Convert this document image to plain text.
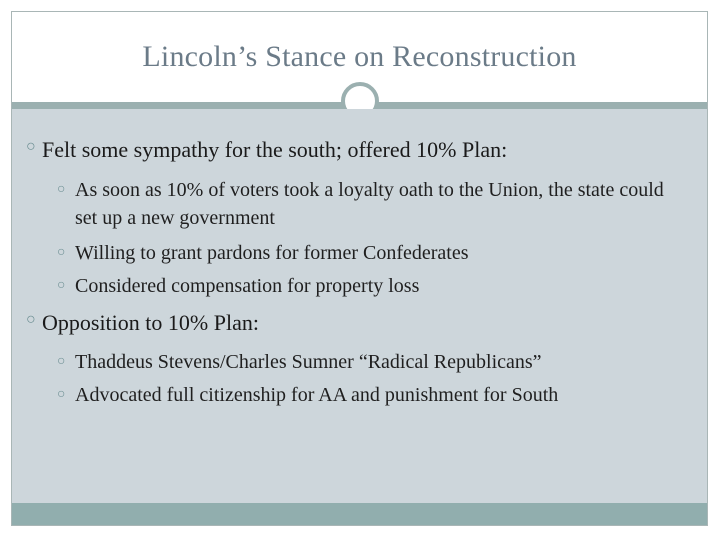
Lincoln’s Stance on Reconstruction
○ Felt some sympathy for the south; offered 10% Plan:
○ As soon as 10% of voters took a loyalty oath to the Union, the state could set up a new government
○ Willing to grant pardons for former Confederates
○ Considered compensation for property loss
○ Opposition to 10% Plan:
○ Thaddeus Stevens/Charles Sumner “Radical Republicans”
○ Advocated full citizenship for AA and punishment for South
